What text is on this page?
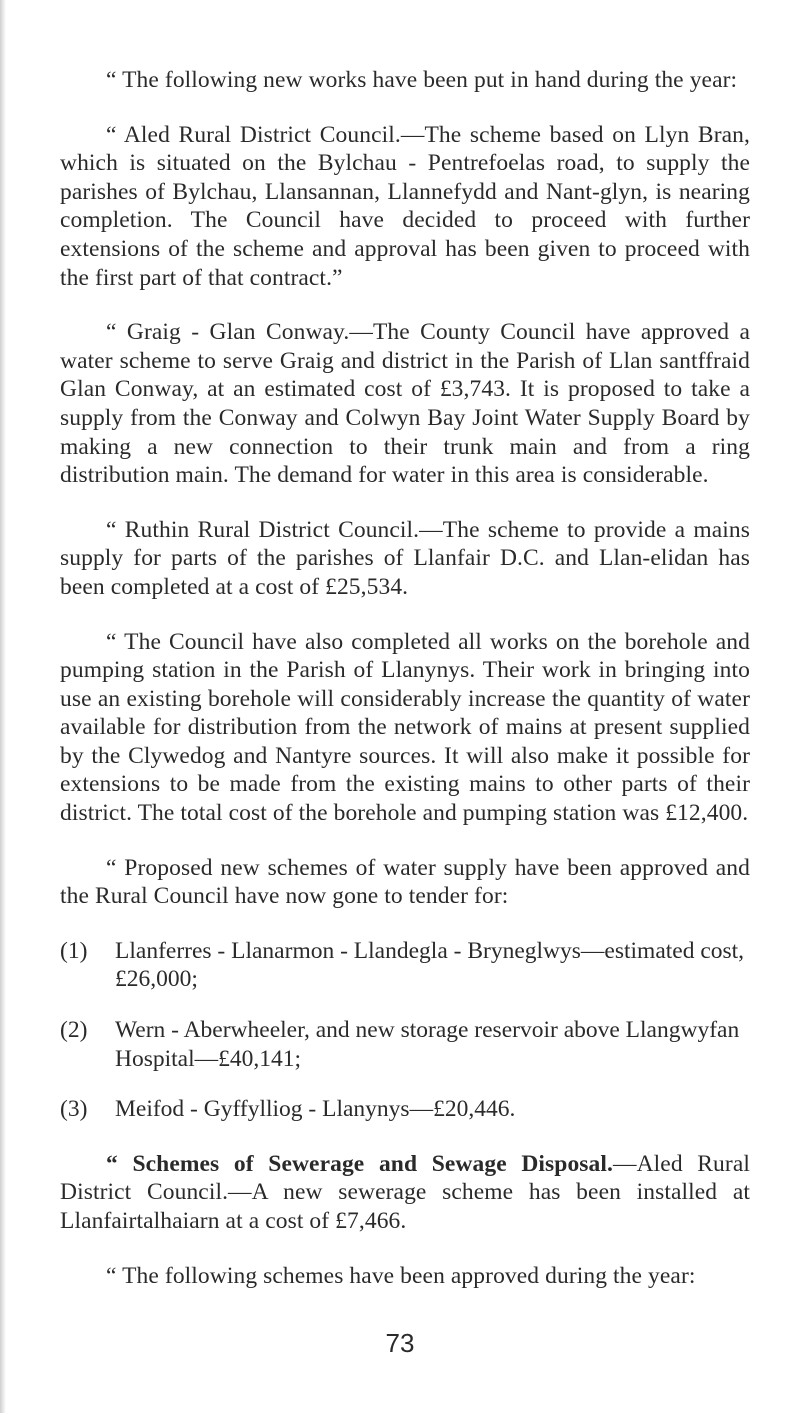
“ The following new works have been put in hand during the year:

“ Aled Rural District Council.—The scheme based on Llyn Bran, which is situated on the Bylchau - Pentrefoelas road, to supply the parishes of Bylchau, Llansannan, Llannefydd and Nant-glyn, is nearing completion. The Council have decided to proceed with further extensions of the scheme and approval has been given to proceed with the first part of that contract.”

“ Graig - Glan Conway.—The County Council have approved a water scheme to serve Graig and district in the Parish of Llan santffraid Glan Conway, at an estimated cost of £3,743. It is proposed to take a supply from the Conway and Colwyn Bay Joint Water Supply Board by making a new connection to their trunk main and from a ring distribution main. The demand for water in this area is considerable.

“ Ruthin Rural District Council.—The scheme to provide a mains supply for parts of the parishes of Llanfair D.C. and Llan-elidan has been completed at a cost of £25,534.

“ The Council have also completed all works on the borehole and pumping station in the Parish of Llanynys. Their work in bringing into use an existing borehole will considerably increase the quantity of water available for distribution from the network of mains at present supplied by the Clywedog and Nantyre sources. It will also make it possible for extensions to be made from the existing mains to other parts of their district. The total cost of the borehole and pumping station was £12,400.

“ Proposed new schemes of water supply have been approved and the Rural Council have now gone to tender for:

(1)	Llanferres - Llanarmon - Llandegla - Bryneglwys—estimated cost, £26,000;
(2)	Wern - Aberwheeler, and new storage reservoir above Llangwyfan Hospital—£40,141;
(3)	Meifod - Gyffylliog - Llanynys—£20,446.

“ Schemes of Sewerage and Sewage Disposal.—Aled Rural District Council.—A new sewerage scheme has been installed at Llanfairtalhaiarn at a cost of £7,466.

“ The following schemes have been approved during the year:

73
